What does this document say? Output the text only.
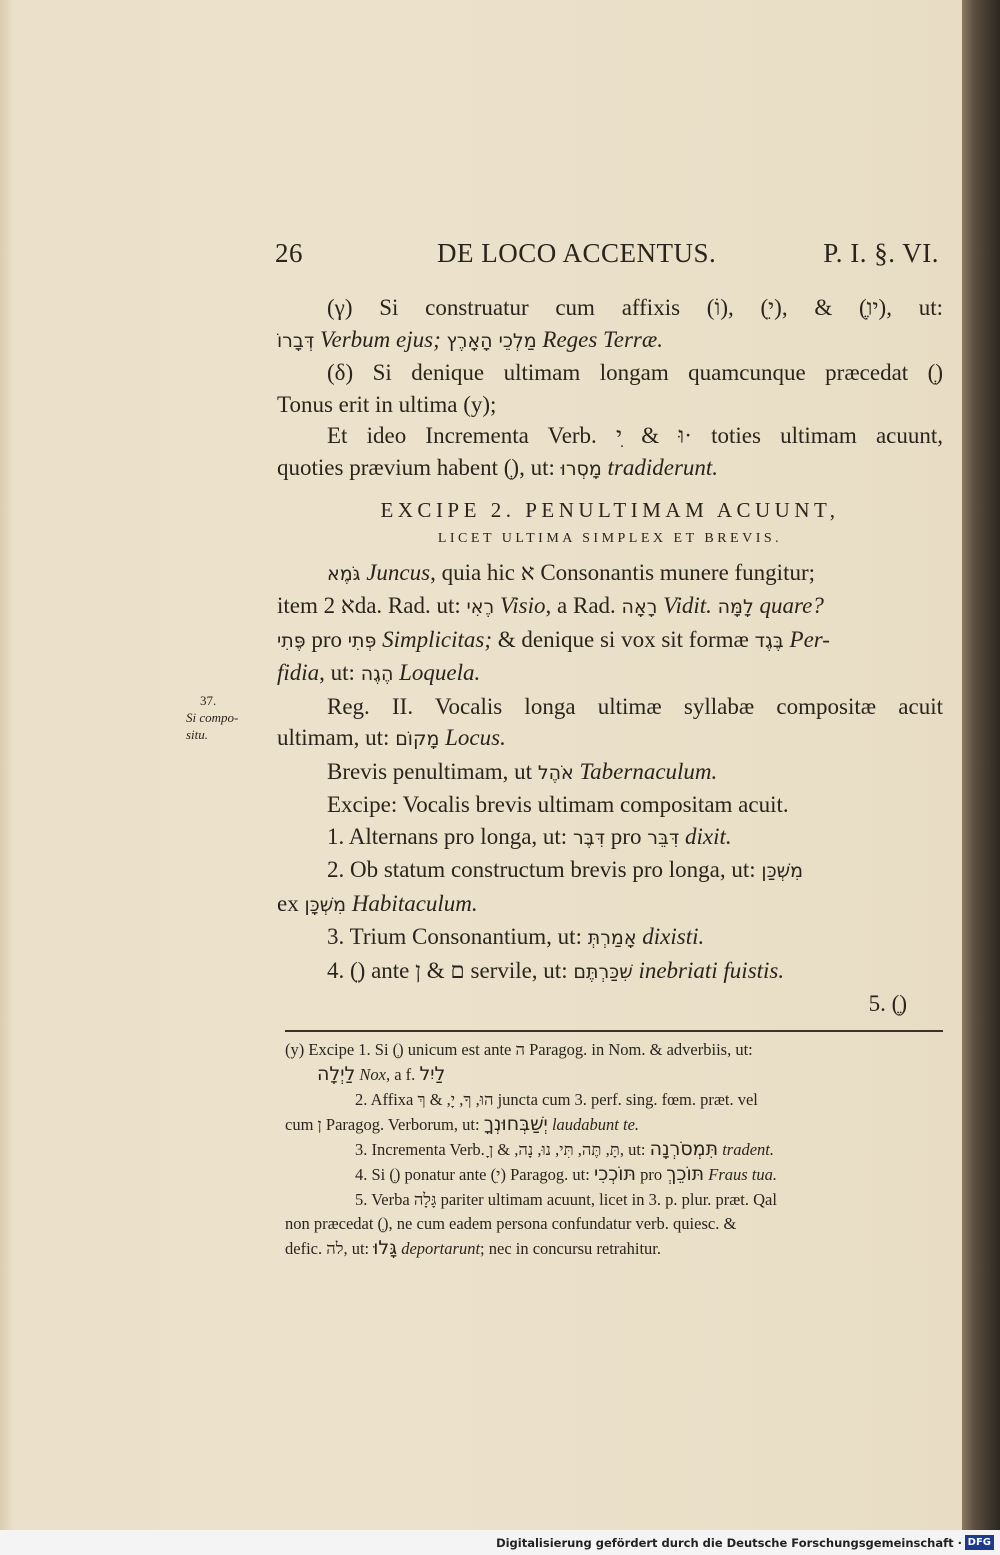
26	DE LOCO ACCENTUS.	P. I. §. VI.
(γ) Si construatur cum affixis (וֹ), (ֵי), & (ֶיו), ut:
דְּבָרוֹ Verbum ejus; מַלְכֵי הָאָרֶץ Reges Terræ.
(δ) Si denique ultimam longam quamcunque præcedat (ְ)
Tonus erit in ultima (y);
Et ideo Incrementa Verb. וּ & ִי· toties ultimam acuunt,
quoties prævium habent (ְ), ut: מָסְרוּ tradiderunt.
EXCIPE 2. PENULTIMAM ACUUNT,
LICET ULTIMA SIMPLEX ET BREVIS.
גֹּמֶא Juncus, quia hic א Consonantis munere fungitur;
item א 2da. Rad. ut: רֶאִי Visio, a Rad. רָאָה Vidit. לָמָּה quare?
פֶּתִי pro פְּתִי Simplicitas; & denique si vox sit formæ בֶּגֶד Per-
fidia, ut: הֶגֶה Loquela.
Reg. II. Vocalis longa ultimæ syllabæ compositæ acuit
ultimam, ut: מָקוֹם Locus.
Brevis penultimam, ut אֹהֶל Tabernaculum.
Excipe: Vocalis brevis ultimam compositam acuit.
1. Alternans pro longa, ut: דִּבֶּר pro דִּבֵּר dixit.
2. Ob statum constructum brevis pro longa, ut: מִשְׁכַּן
ex מִשְׁכָּן Habitaculum.
3. Trium Consonantium, ut: אָמַרְתְּ dixisti.
4. (ֵ) ante ם & ן servile, ut: שִׁכַּרְתֶּם inebriati fuistis.
5. (ֶ)
37.
Si compo-
situ.
(y) Excipe 1. Si (ְ) unicum est ante ה Paragog. in Nom. & adverbiis, ut:
לַיְלָה Nox, a f. לַיִל
2. Affixa הוּ, ךָ, יָ, & ךְ juncta cum 3. perf. sing. fœm. præt. vel
cum ן Paragog. Verborum, ut: יְשַׁבְּחוּנְךָ laudabunt te.
3. Incrementa Verb. תָּ, תֶּה, תִּי, נוּ, נָה, & ןָ, ut: תִּמְסֹרְנָה tradent.
4. Si (ְ) ponatur ante (ֵי) Paragog. ut: תּוֹכְכִי pro תּוֹכֵךְ Fraus tua.
5. Verba גָּלָה pariter ultimam acuunt, licet in 3. p. plur. præt. Qal
non præcedat (ְ), ne cum eadem persona confundatur verb. quiesc. &
defic. לה, ut: גָּלוּ deportarunt; nec in concursu retrahitur.
Digitalisierung gefördert durch die Deutsche Forschungsgemeinschaft · DFG
